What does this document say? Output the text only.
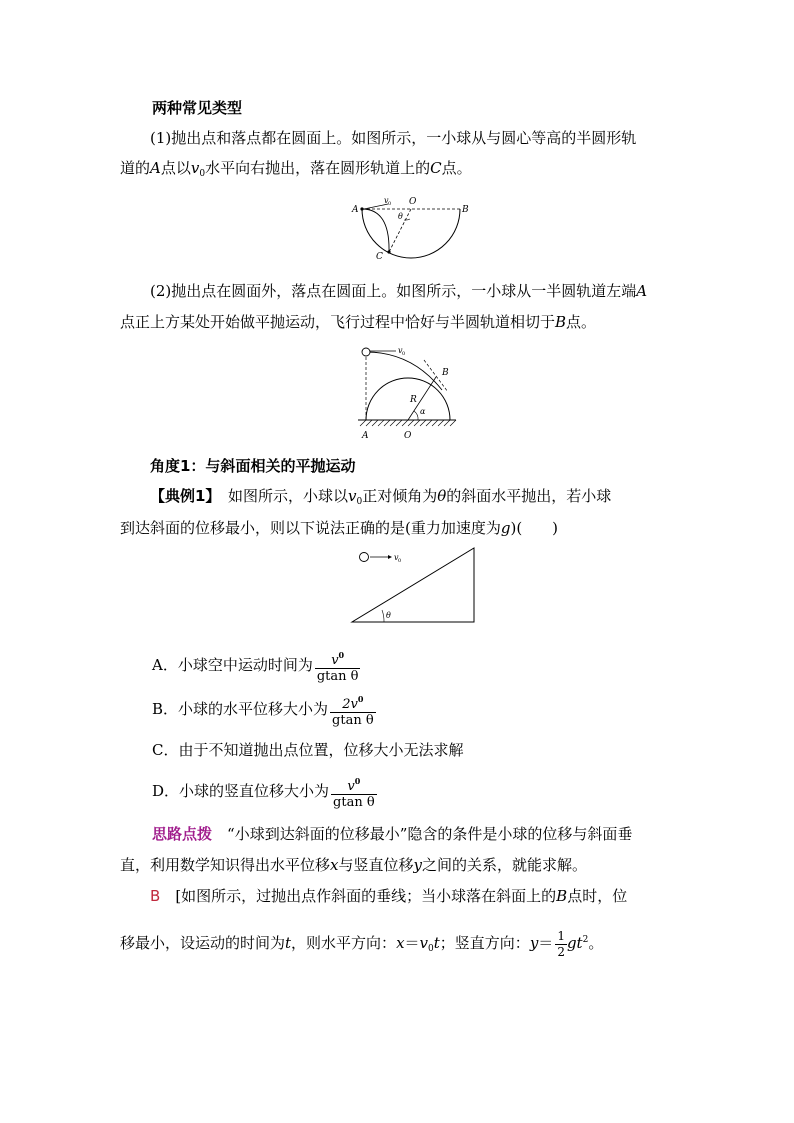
两种常见类型
(1)抛出点和落点都在圆面上。如图所示，一小球从与圆心等高的半圆形轨
道的A点以$v_0$水平向右抛出，落在圆形轨道上的C点。
A
v 0 O
θ
B
C
(2)抛出点在圆面外，落点在圆面上。如图所示，一小球从一半圆轨道左端A
点正上方某处开始做平抛运动，飞行过程中恰好与半圆轨道相切于B点。
v 0
B
R
α
A	O
角度1：与斜面相关的平抛运动
【典例1】　 如图所示，小球以$v_0$正对倾角为θ的斜面水平抛出，若小球
到达斜面的位移最小，则以下说法正确的是(重力加速度为g)(　　)
v 0
θ
A．小球空中运动时间为 $\frac{v^0}{\text{gtan θ}}$
B．小球的水平位移大小为 $\frac{2v^0}{\text{gtan θ}}$
C．由于不知道抛出点位置，位移大小无法求解
D．小球的竖直位移大小为 $\frac{v^0}{\text{gtan θ}}$
思路点拨　 “小球到达斜面的位移最小”隐含的条件是小球的位移与斜面垂
直，利用数学知识得出水平位移x与竖直位移y之间的关系，就能求解。
B　 [如图所示，过抛出点作斜面的垂线；当小球落在斜面上的B点时，位
移最小，设运动的时间为t，则水平方向：$x=v_0t$；竖直方向：$y= \frac{1}{2} gt^2$。
